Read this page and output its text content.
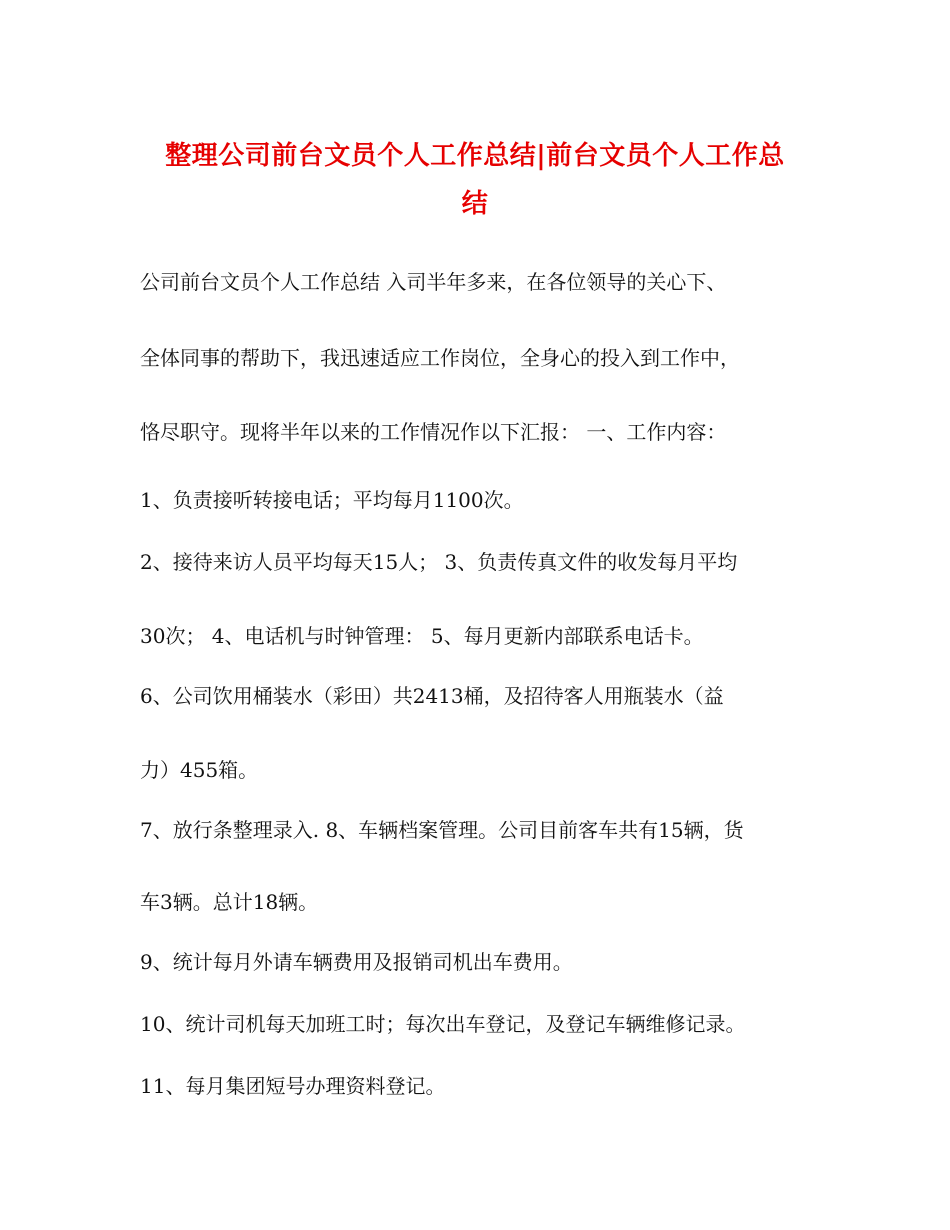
整理公司前台文员个人工作总结|前台文员个人工作总
结
公司前台文员个人工作总结 入司半年多来，在各位领导的关心下、
全体同事的帮助下，我迅速适应工作岗位，全身心的投入到工作中，
恪尽职守。现将半年以来的工作情况作以下汇报： 一、工作内容：
1、负责接听转接电话；平均每月1100次。
2、接待来访人员平均每天15人； 3、负责传真文件的收发每月平均
30次； 4、电话机与时钟管理： 5、每月更新内部联系电话卡。
6、公司饮用桶装水（彩田）共2413桶，及招待客人用瓶装水（益
力）455箱。
7、放行条整理录入. 8、车辆档案管理。公司目前客车共有15辆，货
车3辆。总计18辆。
9、统计每月外请车辆费用及报销司机出车费用。
10、统计司机每天加班工时；每次出车登记，及登记车辆维修记录。
11、每月集团短号办理资料登记。
